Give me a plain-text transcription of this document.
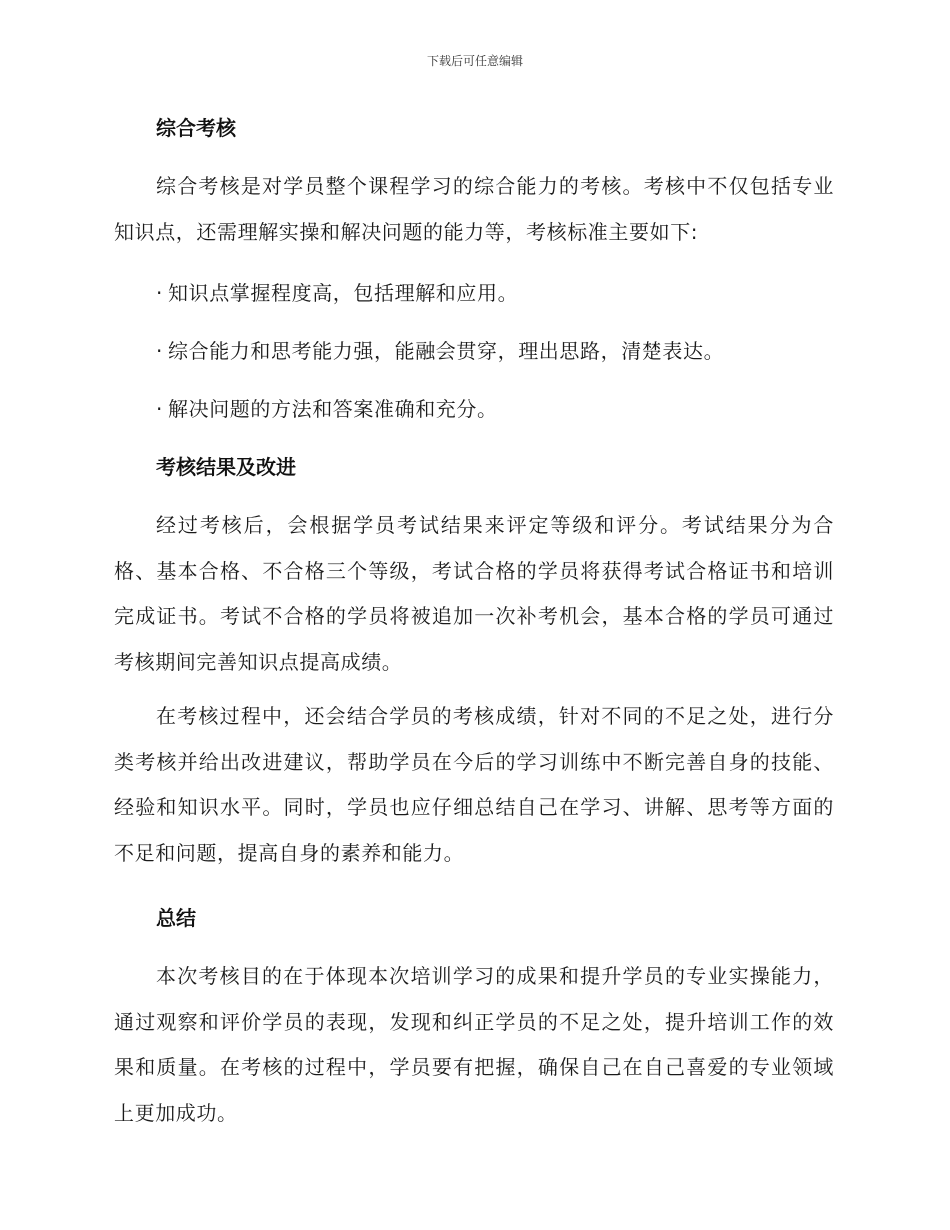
下载后可任意编辑
综合考核

综合考核是对学员整个课程学习的综合能力的考核。考核中不仅包括专业知识点，还需理解实操和解决问题的能力等，考核标准主要如下:

· 知识点掌握程度高，包括理解和应用。

· 综合能力和思考能力强，能融会贯穿，理出思路，清楚表达。

· 解决问题的方法和答案准确和充分。

考核结果及改进

经过考核后，会根据学员考试结果来评定等级和评分。考试结果分为合格、基本合格、不合格三个等级，考试合格的学员将获得考试合格证书和培训完成证书。考试不合格的学员将被追加一次补考机会，基本合格的学员可通过考核期间完善知识点提高成绩。

在考核过程中，还会结合学员的考核成绩，针对不同的不足之处，进行分类考核并给出改进建议，帮助学员在今后的学习训练中不断完善自身的技能、经验和知识水平。同时，学员也应仔细总结自己在学习、讲解、思考等方面的不足和问题，提高自身的素养和能力。

总结

本次考核目的在于体现本次培训学习的成果和提升学员的专业实操能力，通过观察和评价学员的表现，发现和纠正学员的不足之处，提升培训工作的效果和质量。在考核的过程中，学员要有把握，确保自己在自己喜爱的专业领域上更加成功。
